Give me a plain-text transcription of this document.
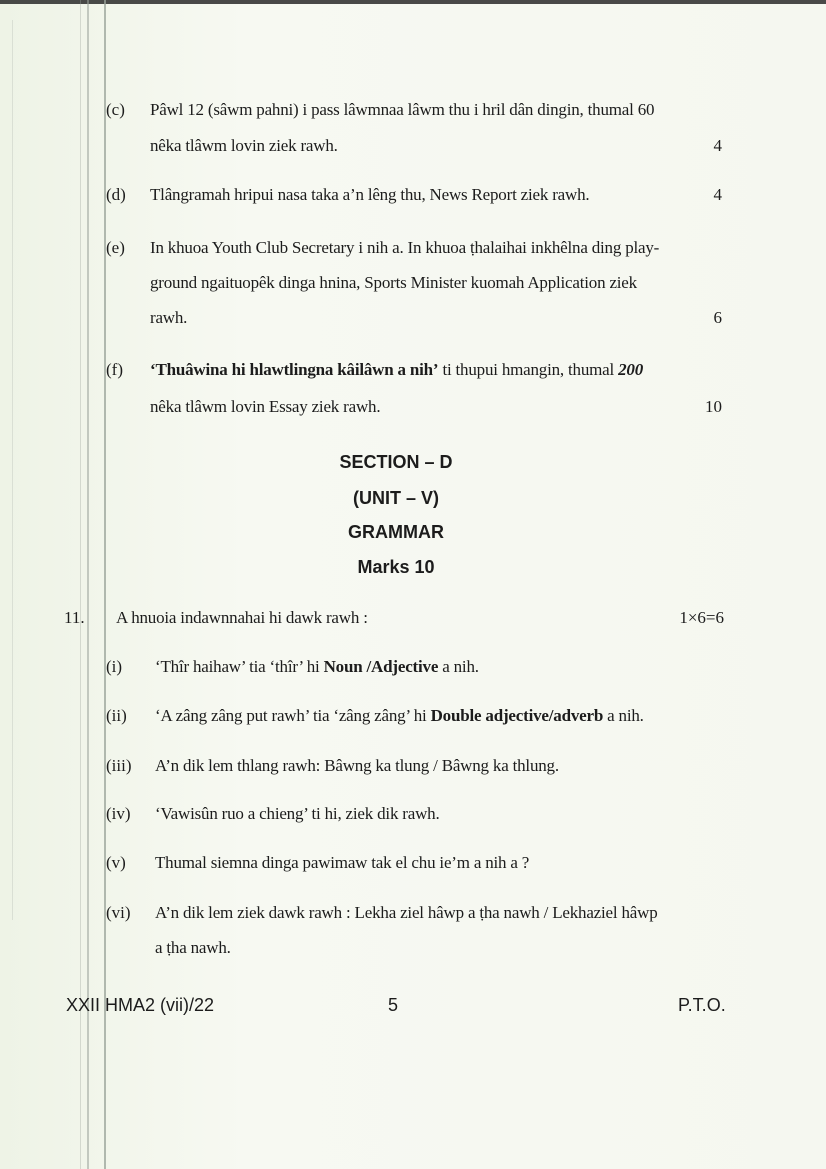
(c) Pâwl 12 (sâwm pahni) i pass lâwmnaa lâwm thu i hril dân dingin, thumal 60
nêka tlâwm lovin ziek rawh.	4
(d) Tlângramah hripui nasa taka a’n lêng thu, News Report ziek rawh.	4
(e) In khuoa Youth Club Secretary i nih a. In khuoa ṭhalaihai inkhêlna ding play-
ground ngaituopêk dinga hnina, Sports Minister kuomah Application ziek
rawh.	6
(f) ‘Thuâwina hi hlawtlingna kâilâwn a nih’ ti thupui hmangin, thumal 200
nêka tlâwm lovin Essay ziek rawh.	10
SECTION – D
(UNIT – V)
GRAMMAR
Marks 10
11. A hnuoia indawnnahai hi dawk rawh :	1×6=6
(i) ‘Thîr haihaw’ tia ‘thîr’ hi Noun /Adjective a nih.
(ii) ‘A zâng zâng put rawh’ tia ‘zâng zâng’ hi Double adjective/adverb a nih.
(iii) A’n dik lem thlang rawh: Bâwng ka tlung / Bâwng ka thlung.
(iv) ‘Vawisûn ruo a chieng’ ti hi, ziek dik rawh.
(v) Thumal siemna dinga pawimaw tak el chu ie’m a nih a ?
(vi) A’n dik lem ziek dawk rawh : Lekha ziel hâwp a ṭha nawh / Lekhaziel hâwp
a ṭha nawh.
XXII HMA2 (vii)/22	5	P.T.O.
